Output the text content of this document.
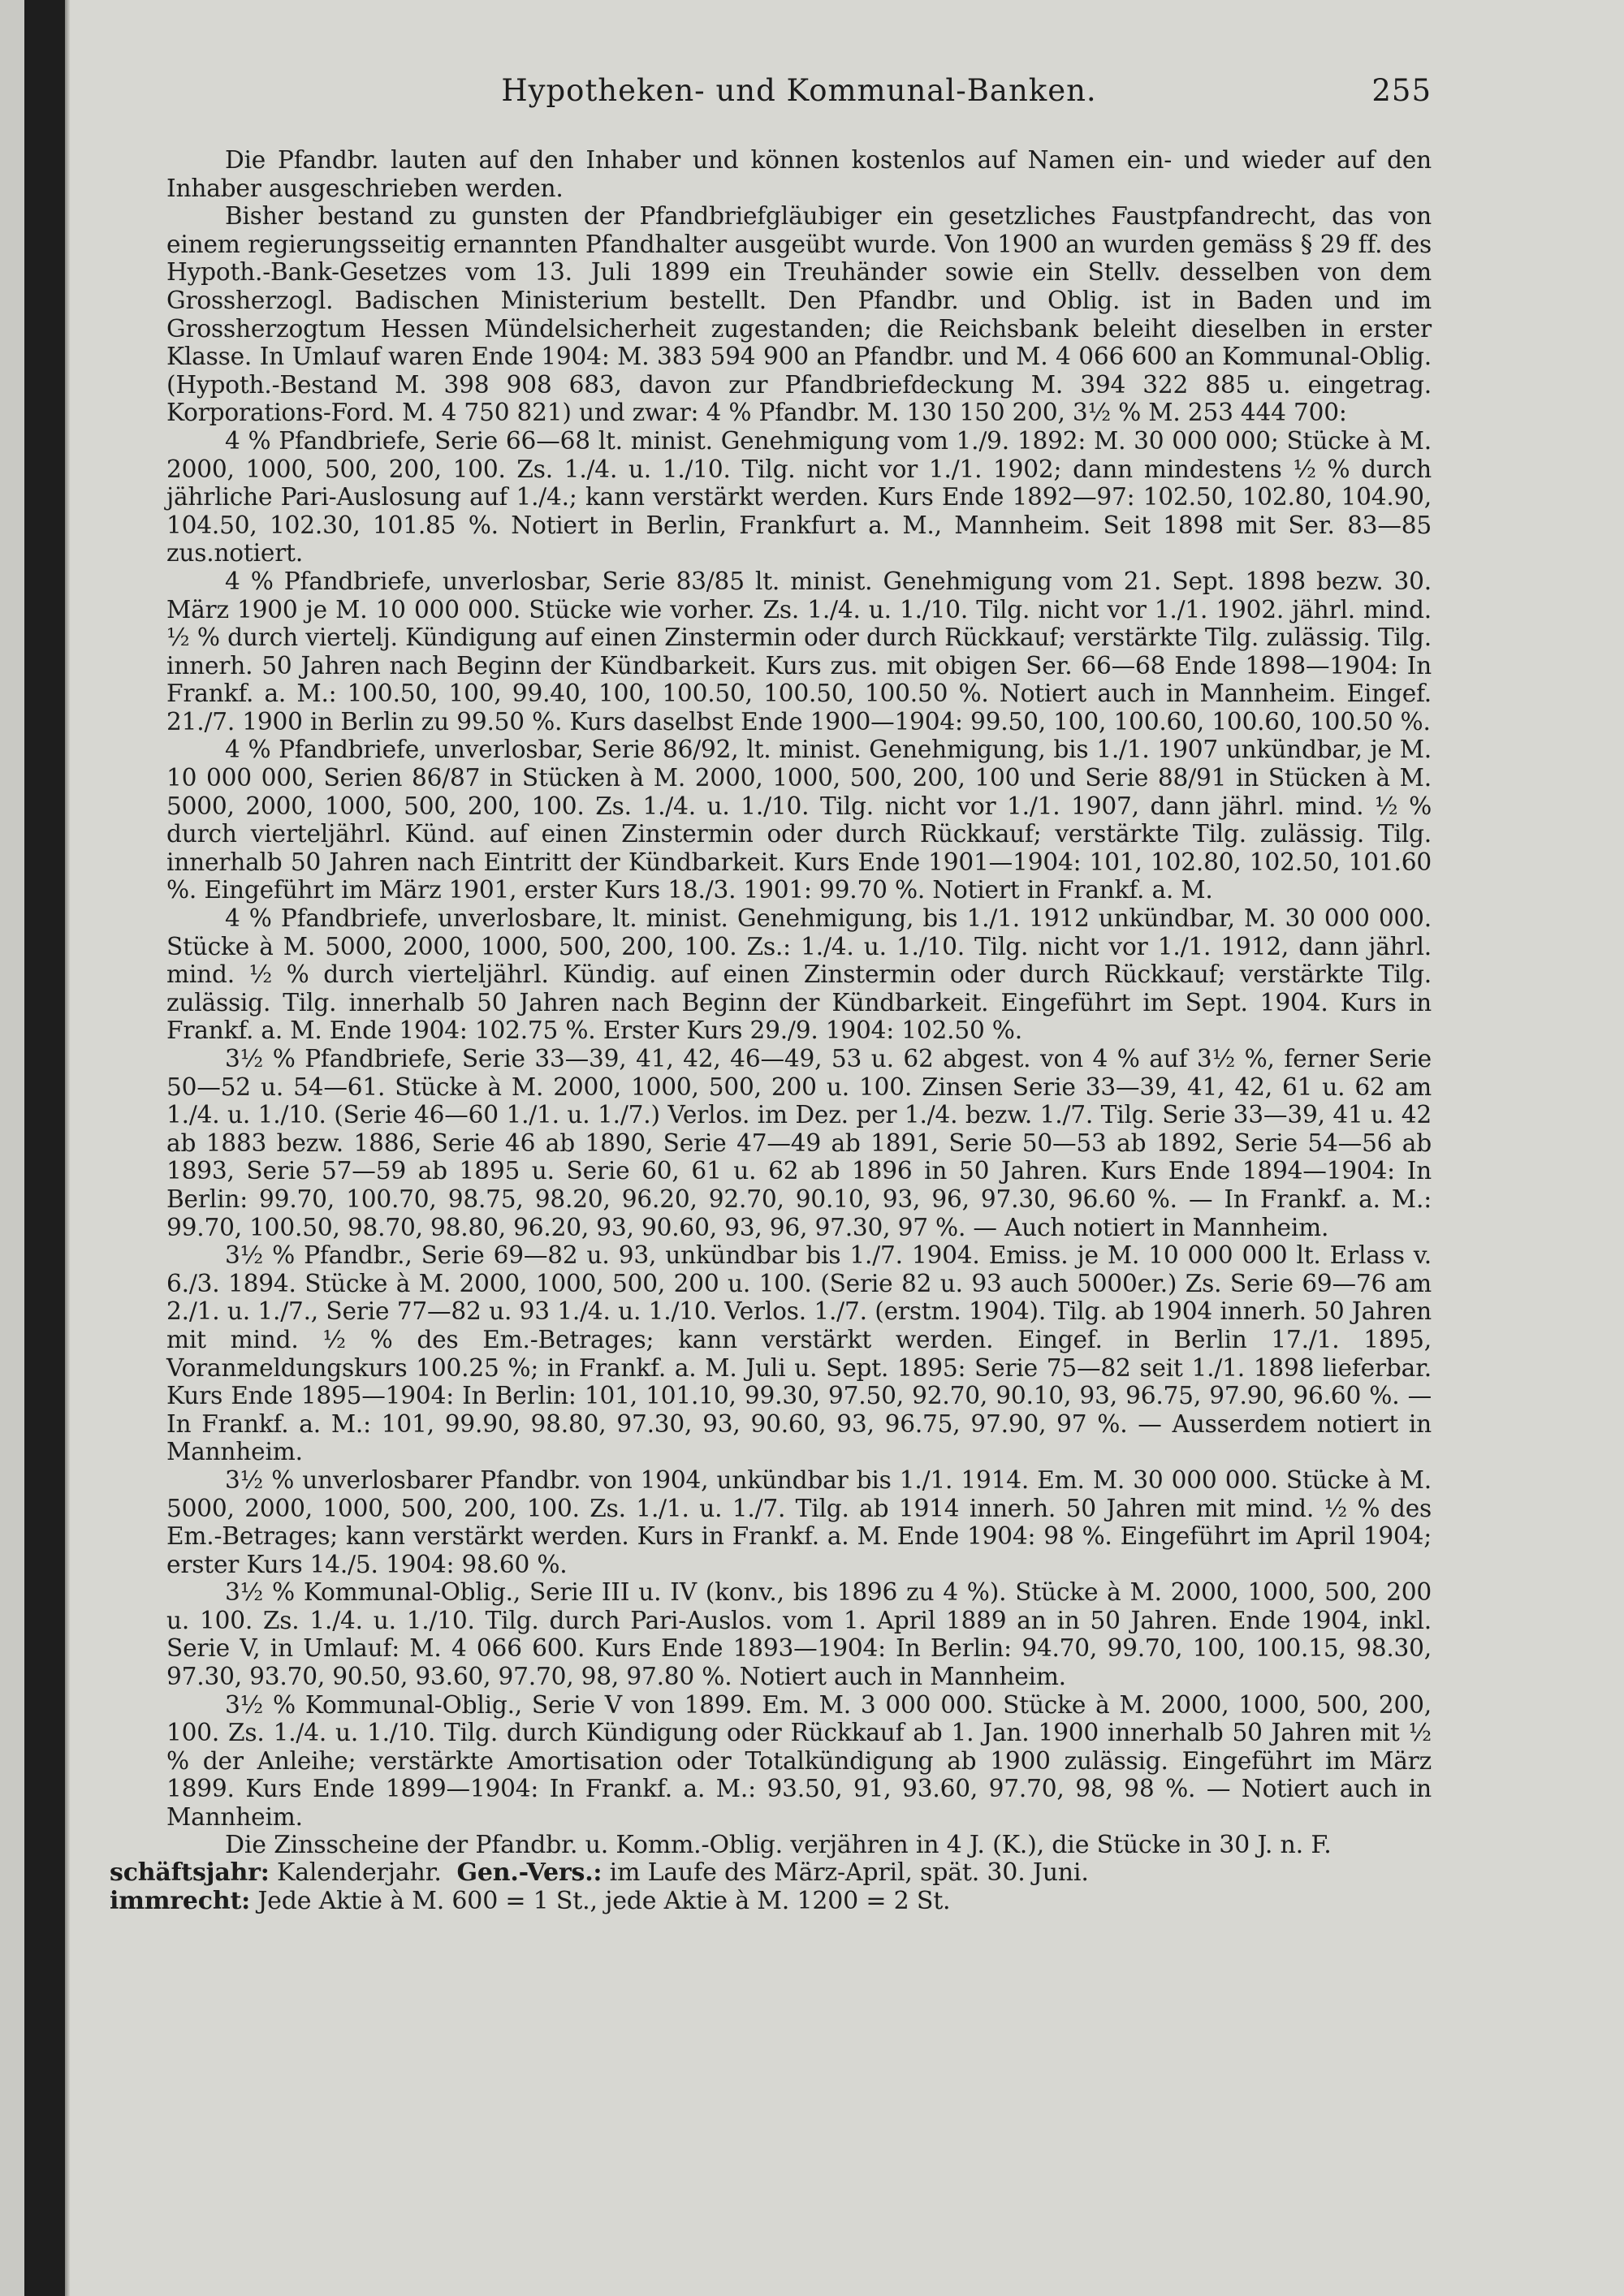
Hypotheken- und Kommunal-Banken.	255

Die Pfandbr. lauten auf den Inhaber und können kostenlos auf Namen ein- und wieder auf den Inhaber ausgeschrieben werden.

Bisher bestand zu gunsten der Pfandbriefgläubiger ein gesetzliches Faustpfandrecht, das von einem regierungsseitig ernannten Pfandhalter ausgeübt wurde. Von 1900 an wurden gemäss § 29 ff. des Hypoth.-Bank-Gesetzes vom 13. Juli 1899 ein Treuhänder sowie ein Stellv. desselben von dem Grossherzogl. Badischen Ministerium bestellt. Den Pfandbr. und Oblig. ist in Baden und im Grossherzogtum Hessen Mündelsicherheit zugestanden; die Reichsbank beleiht dieselben in erster Klasse. In Umlauf waren Ende 1904: M. 383 594 900 an Pfandbr. und M. 4 066 600 an Kommunal-Oblig. (Hypoth.-Bestand M. 398 908 683, davon zur Pfandbriefdeckung M. 394 322 885 u. eingetrag. Korporations-Ford. M. 4 750 821) und zwar: 4 % Pfandbr. M. 130 150 200, 3½ % M. 253 444 700:

4 % Pfandbriefe, Serie 66—68 lt. minist. Genehmigung vom 1./9. 1892: M. 30 000 000; Stücke à M. 2000, 1000, 500, 200, 100. Zs. 1./4. u. 1./10. Tilg. nicht vor 1./1. 1902; dann mindestens ½ % durch jährliche Pari-Auslosung auf 1./4.; kann verstärkt werden. Kurs Ende 1892—97: 102.50, 102.80, 104.90, 104.50, 102.30, 101.85 %. Notiert in Berlin, Frankfurt a. M., Mannheim. Seit 1898 mit Ser. 83—85 zus.notiert.

4 % Pfandbriefe, unverlosbar, Serie 83/85 lt. minist. Genehmigung vom 21. Sept. 1898 bezw. 30. März 1900 je M. 10 000 000. Stücke wie vorher. Zs. 1./4. u. 1./10. Tilg. nicht vor 1./1. 1902. jährl. mind. ½ % durch viertelj. Kündigung auf einen Zinstermin oder durch Rückkauf; verstärkte Tilg. zulässig. Tilg. innerh. 50 Jahren nach Beginn der Kündbarkeit. Kurs zus. mit obigen Ser. 66—68 Ende 1898—1904: In Frankf. a. M.: 100.50, 100, 99.40, 100, 100.50, 100.50, 100.50 %. Notiert auch in Mannheim. Eingef. 21./7. 1900 in Berlin zu 99.50 %. Kurs daselbst Ende 1900—1904: 99.50, 100, 100.60, 100.60, 100.50 %.

4 % Pfandbriefe, unverlosbar, Serie 86/92, lt. minist. Genehmigung, bis 1./1. 1907 unkündbar, je M. 10 000 000, Serien 86/87 in Stücken à M. 2000, 1000, 500, 200, 100 und Serie 88/91 in Stücken à M. 5000, 2000, 1000, 500, 200, 100. Zs. 1./4. u. 1./10. Tilg. nicht vor 1./1. 1907, dann jährl. mind. ½ % durch vierteljährl. Künd. auf einen Zinstermin oder durch Rückkauf; verstärkte Tilg. zulässig. Tilg. innerhalb 50 Jahren nach Eintritt der Kündbarkeit. Kurs Ende 1901—1904: 101, 102.80, 102.50, 101.60 %. Eingeführt im März 1901, erster Kurs 18./3. 1901: 99.70 %. Notiert in Frankf. a. M.

4 % Pfandbriefe, unverlosbare, lt. minist. Genehmigung, bis 1./1. 1912 unkündbar, M. 30 000 000. Stücke à M. 5000, 2000, 1000, 500, 200, 100. Zs.: 1./4. u. 1./10. Tilg. nicht vor 1./1. 1912, dann jährl. mind. ½ % durch vierteljährl. Kündig. auf einen Zinstermin oder durch Rückkauf; verstärkte Tilg. zulässig. Tilg. innerhalb 50 Jahren nach Beginn der Kündbarkeit. Eingeführt im Sept. 1904. Kurs in Frankf. a. M. Ende 1904: 102.75 %. Erster Kurs 29./9. 1904: 102.50 %.

3½ % Pfandbriefe, Serie 33—39, 41, 42, 46—49, 53 u. 62 abgest. von 4 % auf 3½ %, ferner Serie 50—52 u. 54—61. Stücke à M. 2000, 1000, 500, 200 u. 100. Zinsen Serie 33—39, 41, 42, 61 u. 62 am 1./4. u. 1./10. (Serie 46—60 1./1. u. 1./7.) Verlos. im Dez. per 1./4. bezw. 1./7. Tilg. Serie 33—39, 41 u. 42 ab 1883 bezw. 1886, Serie 46 ab 1890, Serie 47—49 ab 1891, Serie 50—53 ab 1892, Serie 54—56 ab 1893, Serie 57—59 ab 1895 u. Serie 60, 61 u. 62 ab 1896 in 50 Jahren. Kurs Ende 1894—1904: In Berlin: 99.70, 100.70, 98.75, 98.20, 96.20, 92.70, 90.10, 93, 96, 97.30, 96.60 %. — In Frankf. a. M.: 99.70, 100.50, 98.70, 98.80, 96.20, 93, 90.60, 93, 96, 97.30, 97 %. — Auch notiert in Mannheim.

3½ % Pfandbr., Serie 69—82 u. 93, unkündbar bis 1./7. 1904. Emiss. je M. 10 000 000 lt. Erlass v. 6./3. 1894. Stücke à M. 2000, 1000, 500, 200 u. 100. (Serie 82 u. 93 auch 5000er.) Zs. Serie 69—76 am 2./1. u. 1./7., Serie 77—82 u. 93 1./4. u. 1./10. Verlos. 1./7. (erstm. 1904). Tilg. ab 1904 innerh. 50 Jahren mit mind. ½ % des Em.-Betrages; kann verstärkt werden. Eingef. in Berlin 17./1. 1895, Voranmeldungskurs 100.25 %; in Frankf. a. M. Juli u. Sept. 1895: Serie 75—82 seit 1./1. 1898 lieferbar. Kurs Ende 1895—1904: In Berlin: 101, 101.10, 99.30, 97.50, 92.70, 90.10, 93, 96.75, 97.90, 96.60 %. — In Frankf. a. M.: 101, 99.90, 98.80, 97.30, 93, 90.60, 93, 96.75, 97.90, 97 %. — Ausserdem notiert in Mannheim.

3½ % unverlosbarer Pfandbr. von 1904, unkündbar bis 1./1. 1914. Em. M. 30 000 000. Stücke à M. 5000, 2000, 1000, 500, 200, 100. Zs. 1./1. u. 1./7. Tilg. ab 1914 innerh. 50 Jahren mit mind. ½ % des Em.-Betrages; kann verstärkt werden. Kurs in Frankf. a. M. Ende 1904: 98 %. Eingeführt im April 1904; erster Kurs 14./5. 1904: 98.60 %.

3½ % Kommunal-Oblig., Serie III u. IV (konv., bis 1896 zu 4 %). Stücke à M. 2000, 1000, 500, 200 u. 100. Zs. 1./4. u. 1./10. Tilg. durch Pari-Auslos. vom 1. April 1889 an in 50 Jahren. Ende 1904, inkl. Serie V, in Umlauf: M. 4 066 600. Kurs Ende 1893—1904: In Berlin: 94.70, 99.70, 100, 100.15, 98.30, 97.30, 93.70, 90.50, 93.60, 97.70, 98, 97.80 %. Notiert auch in Mannheim.

3½ % Kommunal-Oblig., Serie V von 1899. Em. M. 3 000 000. Stücke à M. 2000, 1000, 500, 200, 100. Zs. 1./4. u. 1./10. Tilg. durch Kündigung oder Rückkauf ab 1. Jan. 1900 innerhalb 50 Jahren mit ½ % der Anleihe; verstärkte Amortisation oder Totalkündigung ab 1900 zulässig. Eingeführt im März 1899. Kurs Ende 1899—1904: In Frankf. a. M.: 93.50, 91, 93.60, 97.70, 98, 98 %. — Notiert auch in Mannheim.

Die Zinsscheine der Pfandbr. u. Komm.-Oblig. verjähren in 4 J. (K.), die Stücke in 30 J. n. F.
schäftsjahr: Kalenderjahr. Gen.-Vers.: im Laufe des März-April, spät. 30. Juni.
immrecht: Jede Aktie à M. 600 = 1 St., jede Aktie à M. 1200 = 2 St.
